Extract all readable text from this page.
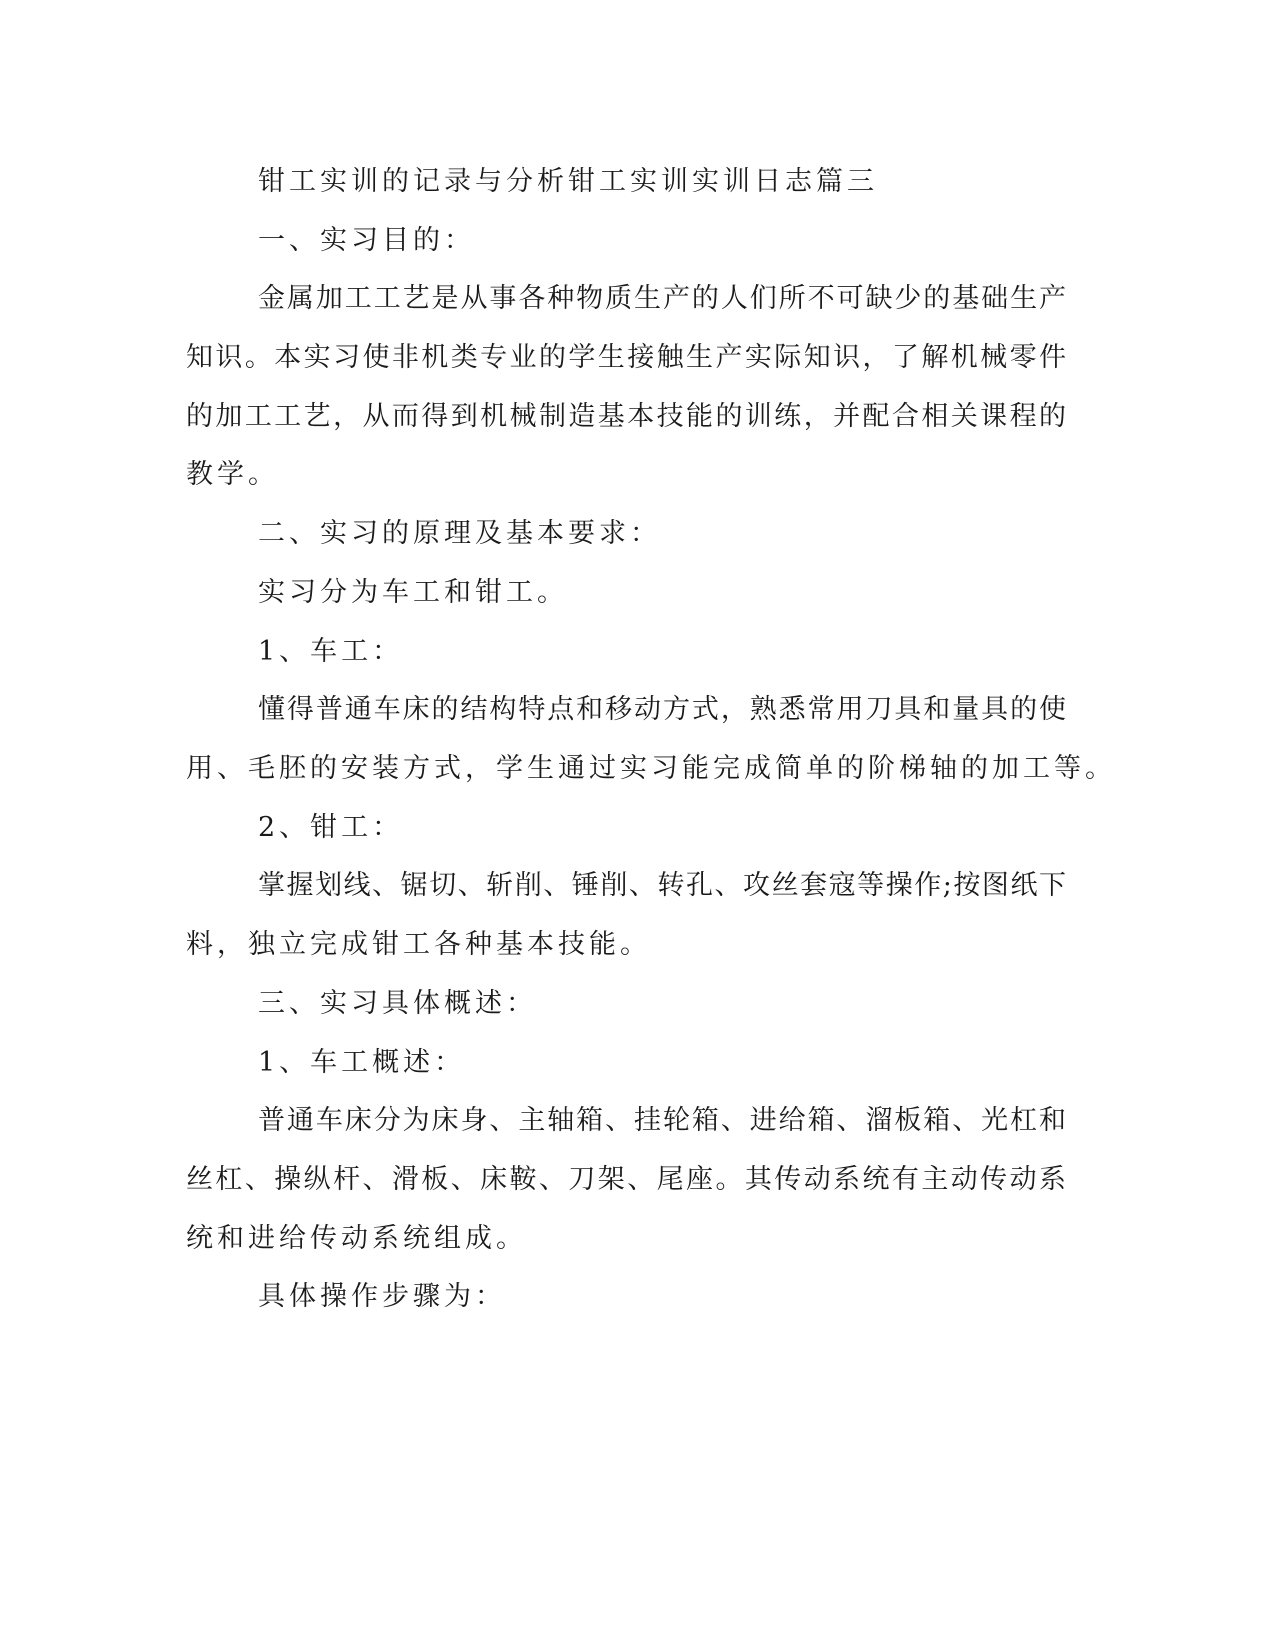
钳工实训的记录与分析钳工实训实训日志篇三
一、实习目的：
金属加工工艺是从事各种物质生产的人们所不可缺少的基础生产
知识。本实习使非机类专业的学生接触生产实际知识，了解机械零件
的加工工艺，从而得到机械制造基本技能的训练，并配合相关课程的
教学。
二、实习的原理及基本要求：
实习分为车工和钳工。
1、车工：
懂得普通车床的结构特点和移动方式，熟悉常用刀具和量具的使
用、毛胚的安装方式，学生通过实习能完成简单的阶梯轴的加工等。
2、钳工：
掌握划线、锯切、斩削、锤削、转孔、攻丝套寇等操作;按图纸下
料，独立完成钳工各种基本技能。
三、实习具体概述：
1、车工概述：
普通车床分为床身、主轴箱、挂轮箱、进给箱、溜板箱、光杠和
丝杠、操纵杆、滑板、床鞍、刀架、尾座。其传动系统有主动传动系
统和进给传动系统组成。
具体操作步骤为：
